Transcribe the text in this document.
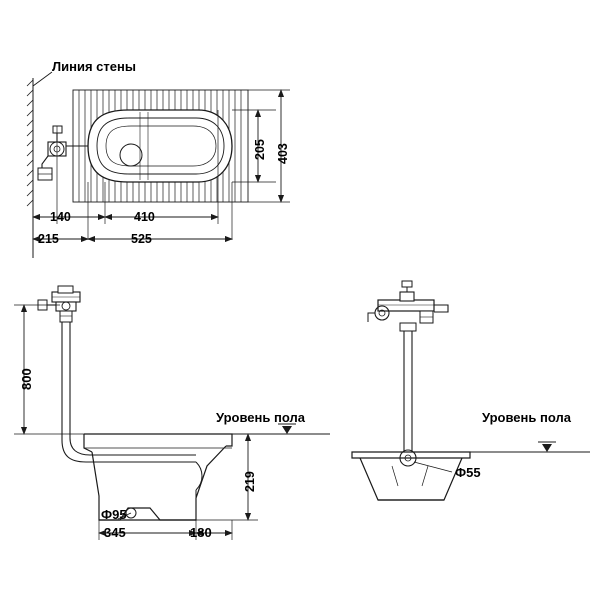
Линия стены
140	410
215	525
205 403
800
219
Уровень пола	Уровень пола
Ф95
345	180
Ф55
